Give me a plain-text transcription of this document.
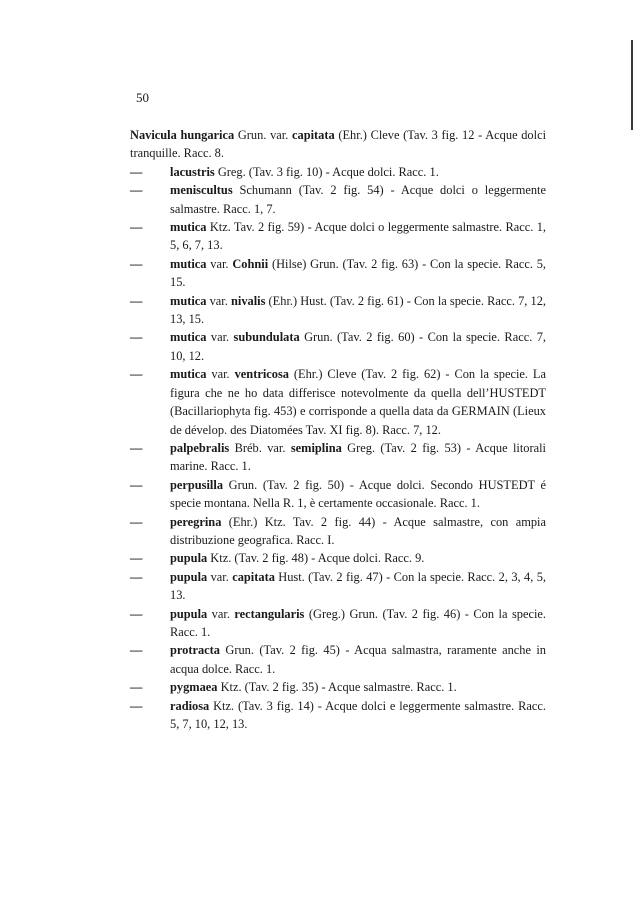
50
Navicula hungarica Grun. var. capitata (Ehr.) Cleve (Tav. 3 fig. 12 - Acque dolci tranquille. Racc. 8.
—	lacustris Greg. (Tav. 3 fig. 10) - Acque dolci. Racc. 1.
—	meniscultus Schumann (Tav. 2 fig. 54) - Acque dolci o leggermente salmastre. Racc. 1, 7.
—	mutica Ktz. Tav. 2 fig. 59) - Acque dolci o leggermente salmastre. Racc. 1, 5, 6, 7, 13.
—	mutica var. Cohnii (Hilse) Grun. (Tav. 2 fig. 63) - Con la specie. Racc. 5, 15.
—	mutica var. nivalis (Ehr.) Hust. (Tav. 2 fig. 61) - Con la specie. Racc. 7, 12, 13, 15.
—	mutica var. subundulata Grun. (Tav. 2 fig. 60) - Con la specie. Racc. 7, 10, 12.
—	mutica var. ventricosa (Ehr.) Cleve (Tav. 2 fig. 62) - Con la specie. La figura che ne ho data differisce notevolmente da quella dell’HUSTEDT (Bacillariophyta fig. 453) e corrisponde a quella data da GERMAIN (Lieux de dévelop. des Diatomées Tav. XI fig. 8). Racc. 7, 12.
—	palpebralis Bréb. var. semiplina Greg. (Tav. 2 fig. 53) - Acque litorali marine. Racc. 1.
—	perpusilla Grun. (Tav. 2 fig. 50) - Acque dolci. Secondo HUSTEDT é specie montana. Nella R. 1, è certamente occasionale. Racc. 1.
—	peregrina (Ehr.) Ktz. Tav. 2 fig. 44) - Acque salmastre, con ampia distribuzione geografica. Racc. I.
—	pupula Ktz. (Tav. 2 fig. 48) - Acque dolci. Racc. 9.
—	pupula var. capitata Hust. (Tav. 2 fig. 47) - Con la specie. Racc. 2, 3, 4, 5, 13.
—	pupula var. rectangularis (Greg.) Grun. (Tav. 2 fig. 46) - Con la specie. Racc. 1.
—	protracta Grun. (Tav. 2 fig. 45) - Acqua salmastra, raramente anche in acqua dolce. Racc. 1.
—	pygmaea Ktz. (Tav. 2 fig. 35) - Acque salmastre. Racc. 1.
—	radiosa Ktz. (Tav. 3 fig. 14) - Acque dolci e leggermente salmastre. Racc. 5, 7, 10, 12, 13.
